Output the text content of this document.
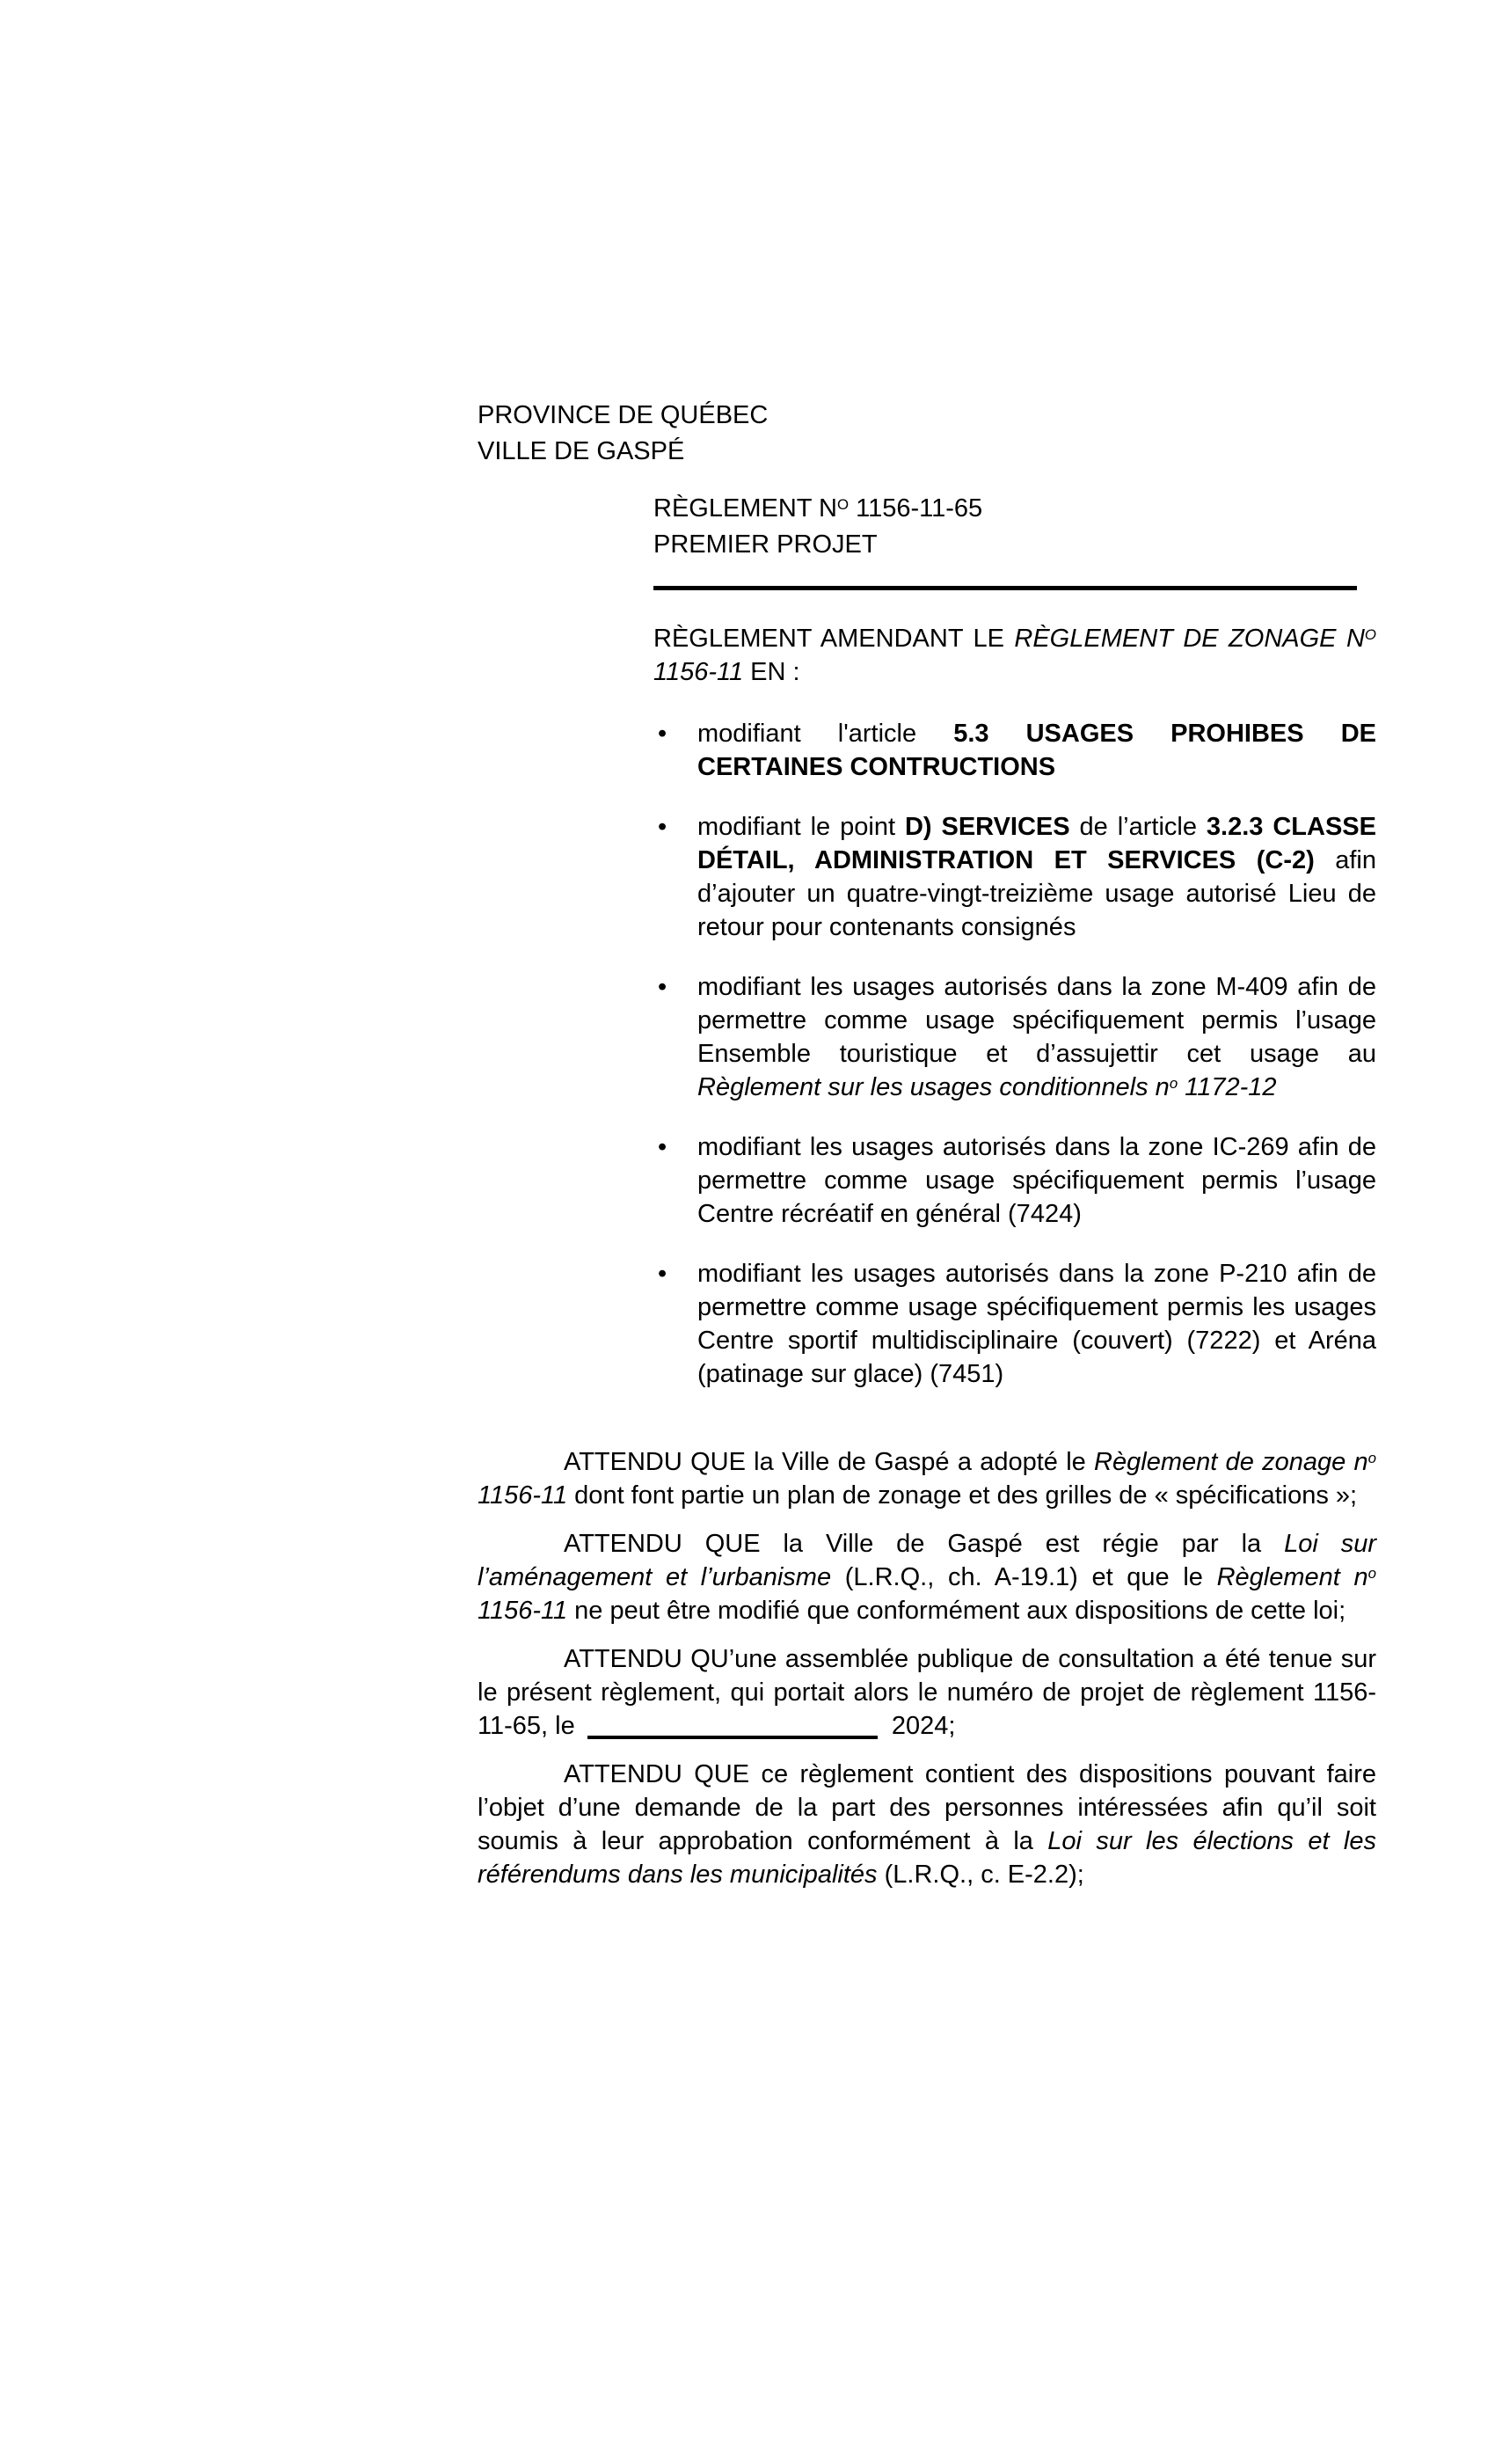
PROVINCE DE QUÉBEC
VILLE DE GASPÉ
RÈGLEMENT $N^O$ 1156-11-65
PREMIER PROJET

RÈGLEMENT AMENDANT LE RÈGLEMENT DE ZONAGE $N^O$ 1156-11 EN :

• modifiant l'article 5.3 USAGES PROHIBES DE CERTAINES CONTRUCTIONS
• modifiant le point D) SERVICES de l’article 3.2.3 CLASSE DÉTAIL, ADMINISTRATION ET SERVICES (C-2) afin d’ajouter un quatre-vingt-treizième usage autorisé Lieu de retour pour contenants consignés
• modifiant les usages autorisés dans la zone M-409 afin de permettre comme usage spécifiquement permis l’usage Ensemble touristique et d’assujettir cet usage au Règlement sur les usages conditionnels $n^o$ 1172-12
• modifiant les usages autorisés dans la zone IC-269 afin de permettre comme usage spécifiquement permis l’usage Centre récréatif en général (7424)
• modifiant les usages autorisés dans la zone P-210 afin de permettre comme usage spécifiquement permis les usages Centre sportif multidisciplinaire (couvert) (7222) et Aréna (patinage sur glace) (7451)

ATTENDU QUE la Ville de Gaspé a adopté le Règlement de zonage $n^o$ 1156-11 dont font partie un plan de zonage et des grilles de « spécifications »;

ATTENDU QUE la Ville de Gaspé est régie par la Loi sur l’aménagement et l’urbanisme (L.R.Q., ch. A-19.1) et que le Règlement $n^o$ 1156-11 ne peut être modifié que conformément aux dispositions de cette loi;

ATTENDU QU’une assemblée publique de consultation a été tenue sur le présent règlement, qui portait alors le numéro de projet de règlement 1156-11-65, le	2024;

ATTENDU QUE ce règlement contient des dispositions pouvant faire l’objet d’une demande de la part des personnes intéressées afin qu’il soit soumis à leur approbation conformément à la Loi sur les élections et les référendums dans les municipalités (L.R.Q., c. E-2.2);
